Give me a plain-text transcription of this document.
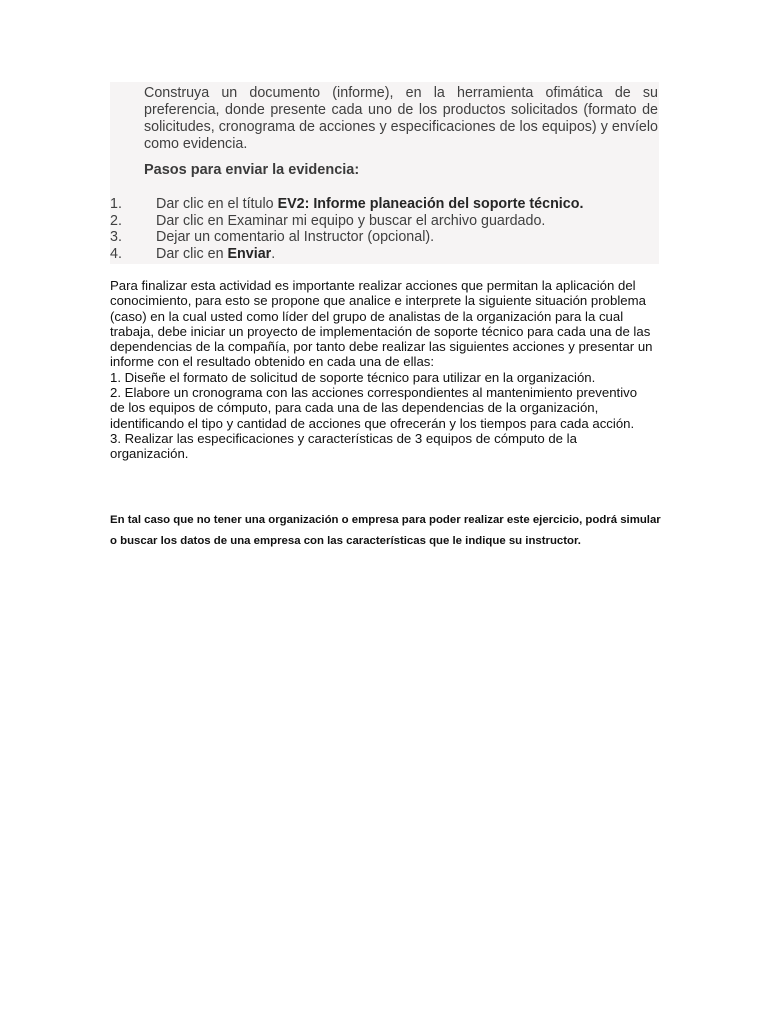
Construya un documento (informe), en la herramienta ofimática de su preferencia, donde presente cada uno de los productos solicitados (formato de solicitudes, cronograma de acciones y especificaciones de los equipos) y envíelo como evidencia.
Pasos para enviar la evidencia:
1.	Dar clic en el título EV2: Informe planeación del soporte técnico.
2.	Dar clic en Examinar mi equipo y buscar el archivo guardado.
3.	Dejar un comentario al Instructor (opcional).
4.	Dar clic en Enviar.

Para finalizar esta actividad es importante realizar acciones que permitan la aplicación del conocimiento, para esto se propone que analice e interprete la siguiente situación problema (caso) en la cual usted como líder del grupo de analistas de la organización para la cual trabaja, debe iniciar un proyecto de implementación de soporte técnico para cada una de las dependencias de la compañía, por tanto debe realizar las siguientes acciones y presentar un informe con el resultado obtenido en cada una de ellas:

1. Diseñe el formato de solicitud de soporte técnico para utilizar en la organización.

2. Elabore un cronograma con las acciones correspondientes al mantenimiento preventivo de los equipos de cómputo, para cada una de las dependencias de la organización, identificando el tipo y cantidad de acciones que ofrecerán y los tiempos para cada acción.

3. Realizar las especificaciones y características de 3 equipos de cómputo de la organización.

En tal caso que no tener una organización o empresa para poder realizar este ejercicio, podrá simular o buscar los datos de una empresa con las características que le indique su instructor.
